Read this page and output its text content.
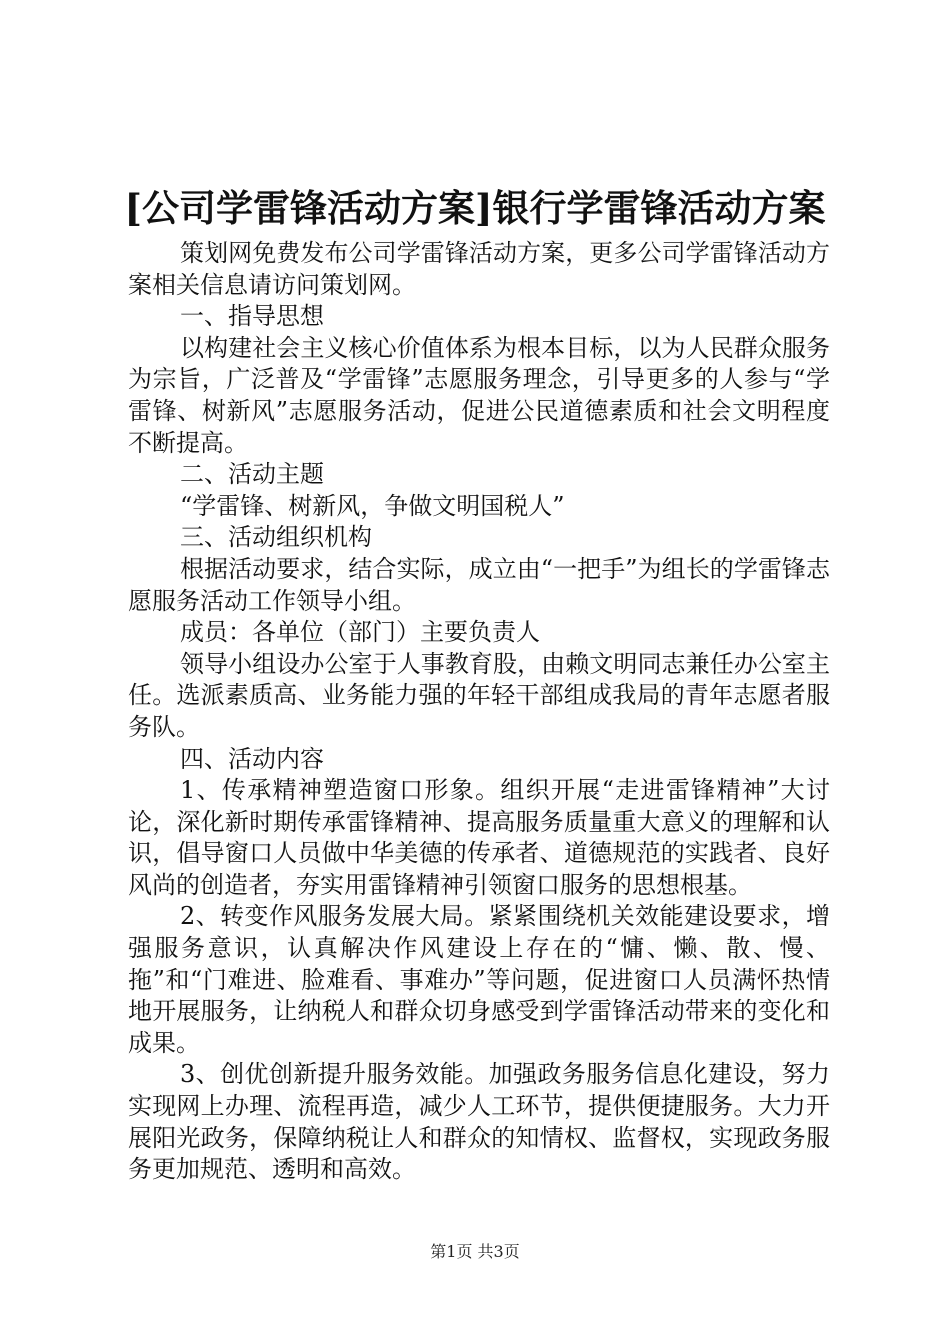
[公司学雷锋活动方案]银行学雷锋活动方案

策划网免费发布公司学雷锋活动方案，更多公司学雷锋活动方案相关信息请访问策划网。

一、指导思想

以构建社会主义核心价值体系为根本目标，以为人民群众服务为宗旨，广泛普及“学雷锋”志愿服务理念，引导更多的人参与“学雷锋、树新风”志愿服务活动，促进公民道德素质和社会文明程度不断提高。

二、活动主题

“学雷锋、树新风，争做文明国税人”

三、活动组织机构

根据活动要求，结合实际，成立由“一把手”为组长的学雷锋志愿服务活动工作领导小组。

成员：各单位（部门）主要负责人

领导小组设办公室于人事教育股，由赖文明同志兼任办公室主任。选派素质高、业务能力强的年轻干部组成我局的青年志愿者服务队。

四、活动内容

1、传承精神塑造窗口形象。组织开展“走进雷锋精神”大讨论，深化新时期传承雷锋精神、提高服务质量重大意义的理解和认识，倡导窗口人员做中华美德的传承者、道德规范的实践者、良好风尚的创造者，夯实用雷锋精神引领窗口服务的思想根基。

2、转变作风服务发展大局。紧紧围绕机关效能建设要求，增强服务意识，认真解决作风建设上存在的“慵、懒、散、慢、拖”和“门难进、脸难看、事难办”等问题，促进窗口人员满怀热情地开展服务，让纳税人和群众切身感受到学雷锋活动带来的变化和成果。

3、创优创新提升服务效能。加强政务服务信息化建设，努力实现网上办理、流程再造，减少人工环节，提供便捷服务。大力开展阳光政务，保障纳税让人和群众的知情权、监督权，实现政务服务更加规范、透明和高效。

第1页 共3页
